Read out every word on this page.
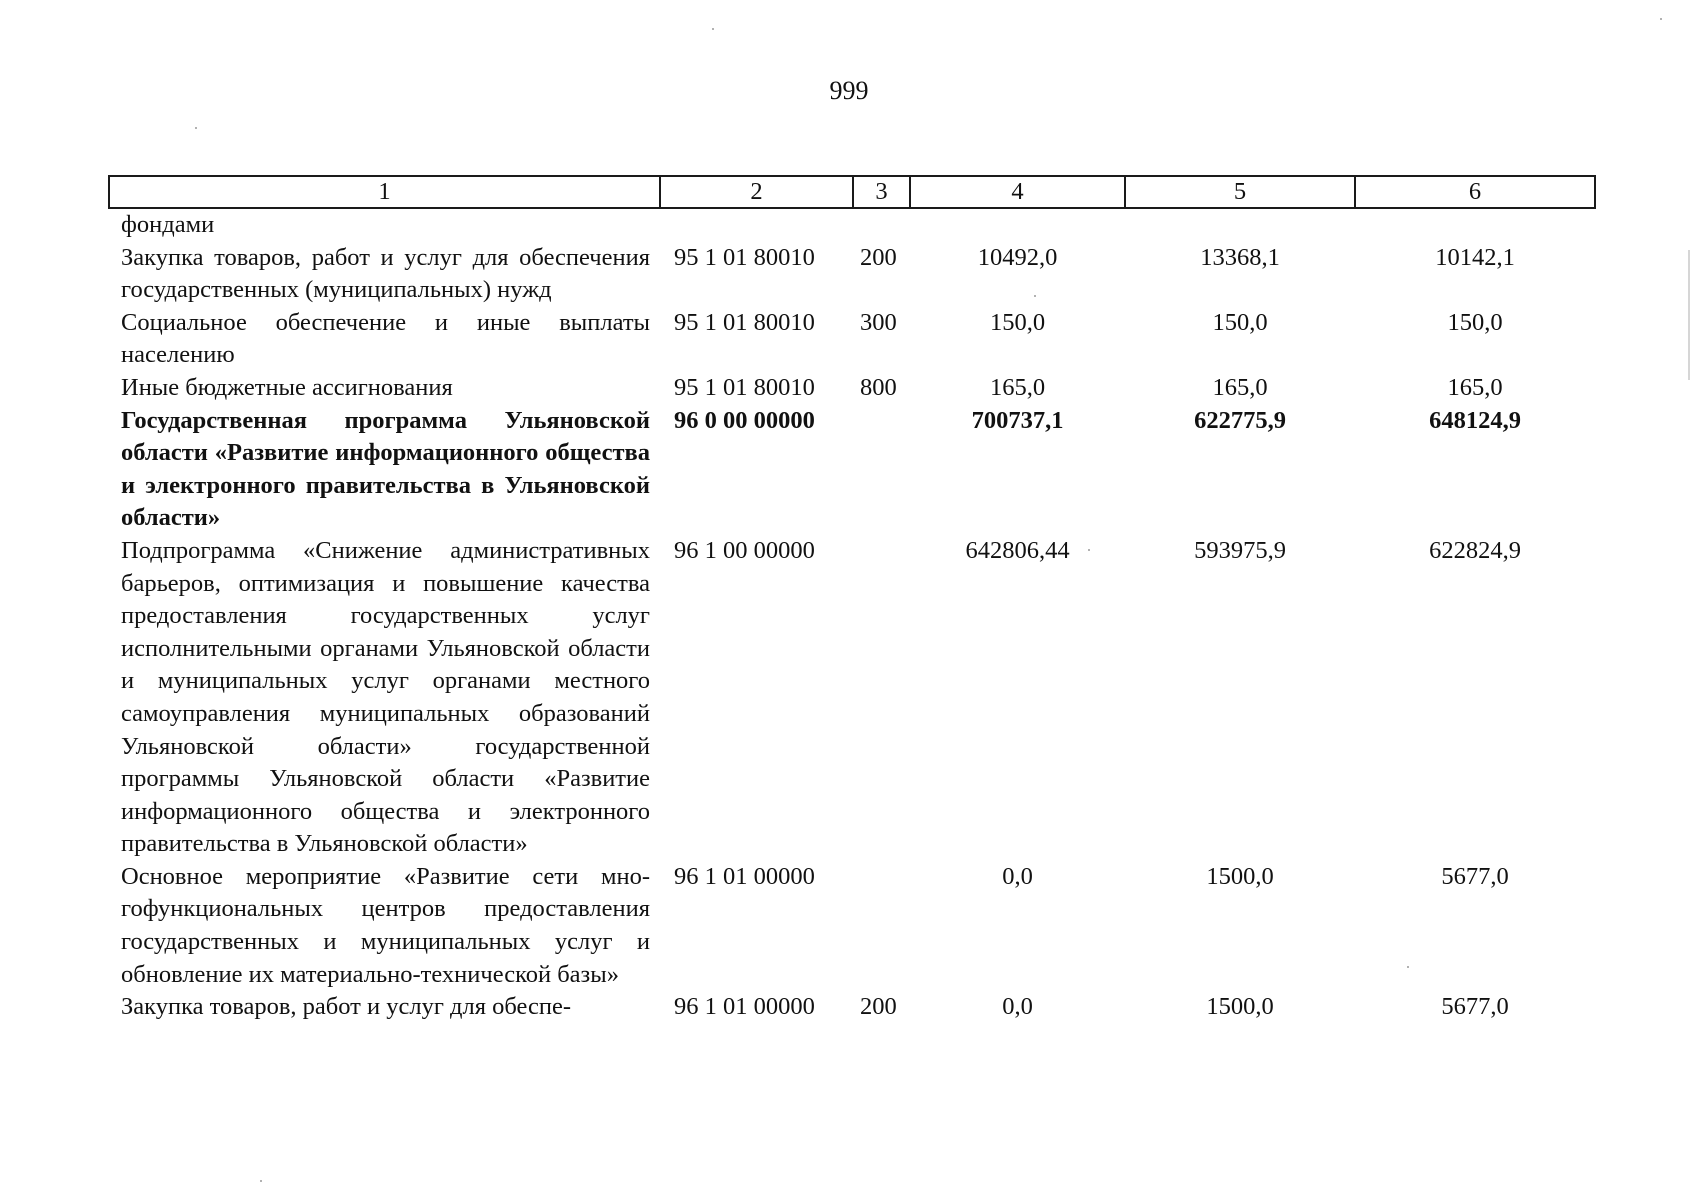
999
1	2	3	4	5	6
фондами					
Закупка товаров, работ и услуг для обеспечения государственных (муниципальных) нужд	95 1 01 80010	200	10492,0	13368,1	10142,1
Социальное обеспечение и иные выплаты населению	95 1 01 80010	300	150,0	150,0	150,0
Иные бюджетные ассигнования	95 1 01 80010	800	165,0	165,0	165,0
Государственная программа Ульяновской области «Развитие информационного общества и электронного правительства в Ульяновской области»	96 0 00 00000		700737,1	622775,9	648124,9
Подпрограмма «Снижение административных барьеров, оптимизация и повышение качества предоставления государственных услуг исполнительными органами Ульяновской области и муниципальных услуг органами местного самоуправления муниципальных образований Ульяновской области» государственной программы Ульяновской области «Развитие информационного общества и электронного правительства в Ульяновской области»	96 1 00 00000		642806,44	593975,9	622824,9
Основное мероприятие «Развитие сети многофункциональных центров предоставления государственных и муниципальных услуг и обновление их материально-технической базы»	96 1 01 00000		0,0	1500,0	5677,0
Закупка товаров, работ и услуг для обеспе-	96 1 01 00000	200	0,0	1500,0	5677,0
